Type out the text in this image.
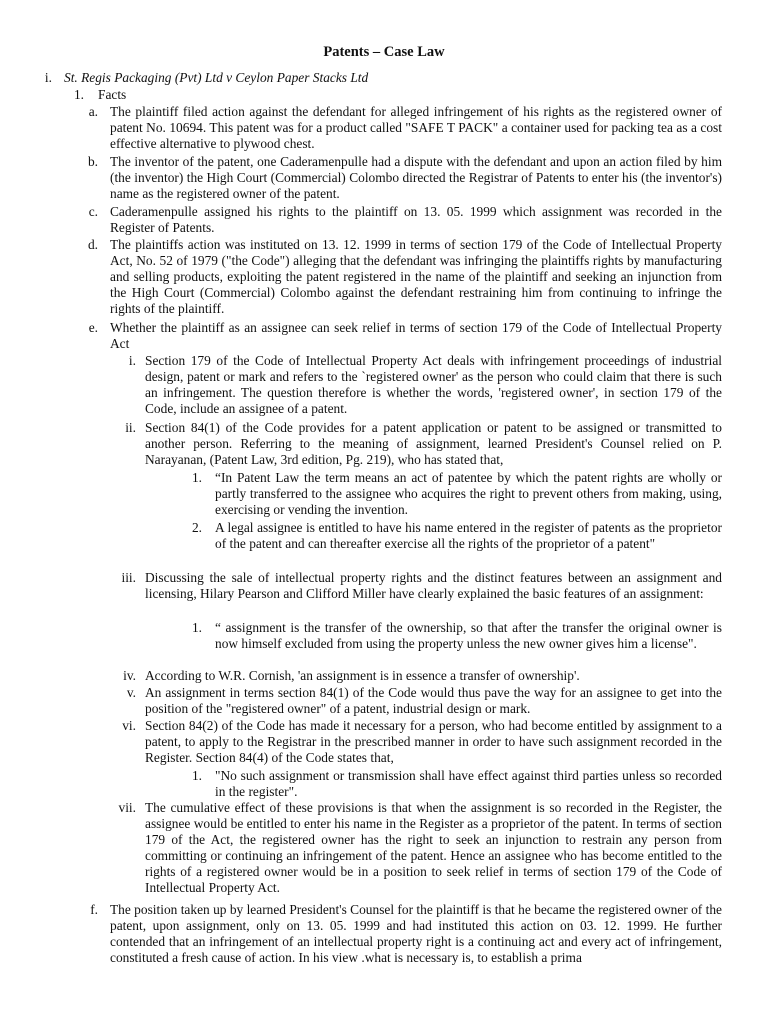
Patents – Case Law
i. St. Regis Packaging (Pvt) Ltd v Ceylon Paper Stacks Ltd
1. Facts
a. The plaintiff filed action against the defendant for alleged infringement of his rights as the registered owner of patent No. 10694. This patent was for a product called "SAFE T PACK" a container used for packing tea as a cost effective alternative to plywood chest.
b. The inventor of the patent, one Caderamenpulle had a dispute with the defendant and upon an action filed by him (the inventor) the High Court (Commercial) Colombo directed the Registrar of Patents to enter his (the inventor's) name as the registered owner of the patent.
c. Caderamenpulle assigned his rights to the plaintiff on 13. 05. 1999 which assignment was recorded in the Register of Patents.
d. The plaintiffs action was instituted on 13. 12. 1999 in terms of section 179 of the Code of Intellectual Property Act, No. 52 of 1979 ("the Code") alleging that the defendant was infringing the plaintiffs rights by manufacturing and selling products, exploiting the patent registered in the name of the plaintiff and seeking an injunction from the High Court (Commercial) Colombo against the defendant restraining him from continuing to infringe the rights of the plaintiff.
e. Whether the plaintiff as an assignee can seek relief in terms of section 179 of the Code of Intellectual Property Act
i. Section 179 of the Code of Intellectual Property Act deals with infringement proceedings of industrial design, patent or mark and refers to the `registered owner' as the person who could claim that there is such an infringement. The question therefore is whether the words, 'registered owner', in section 179 of the Code, include an assignee of a patent.
ii. Section 84(1) of the Code provides for a patent application or patent to be assigned or transmitted to another person. Referring to the meaning of assignment, learned President's Counsel relied on P. Narayanan, (Patent Law, 3rd edition, Pg. 219), who has stated that,
1. “In Patent Law the term means an act of patentee by which the patent rights are wholly or partly transferred to the assignee who acquires the right to prevent others from making, using, exercising or vending the invention.
2. A legal assignee is entitled to have his name entered in the register of patents as the proprietor of the patent and can thereafter exercise all the rights of the proprietor of a patent"
iii. Discussing the sale of intellectual property rights and the distinct features between an assignment and licensing, Hilary Pearson and Clifford Miller have clearly explained the basic features of an assignment:
1. “ assignment is the transfer of the ownership, so that after the transfer the original owner is now himself excluded from using the property unless the new owner gives him a license".
iv. According to W.R. Cornish, 'an assignment is in essence a transfer of ownership'.
v. An assignment in terms section 84(1) of the Code would thus pave the way for an assignee to get into the position of the "registered owner" of a patent, industrial design or mark.
vi. Section 84(2) of the Code has made it necessary for a person, who had become entitled by assignment to a patent, to apply to the Registrar in the prescribed manner in order to have such assignment recorded in the Register. Section 84(4) of the Code states that,
1. "No such assignment or transmission shall have effect against third parties unless so recorded in the register".
vii. The cumulative effect of these provisions is that when the assignment is so recorded in the Register, the assignee would be entitled to enter his name in the Register as a proprietor of the patent. In terms of section 179 of the Act, the registered owner has the right to seek an injunction to restrain any person from committing or continuing an infringement of the patent. Hence an assignee who has become entitled to the rights of a registered owner would be in a position to seek relief in terms of section 179 of the Code of Intellectual Property Act.
f. The position taken up by learned President's Counsel for the plaintiff is that he became the registered owner of the patent, upon assignment, only on 13. 05. 1999 and had instituted this action on 03. 12. 1999. He further contended that an infringement of an intellectual property right is a continuing act and every act of infringement, constituted a fresh cause of action. In his view .what is necessary is, to establish a prima
